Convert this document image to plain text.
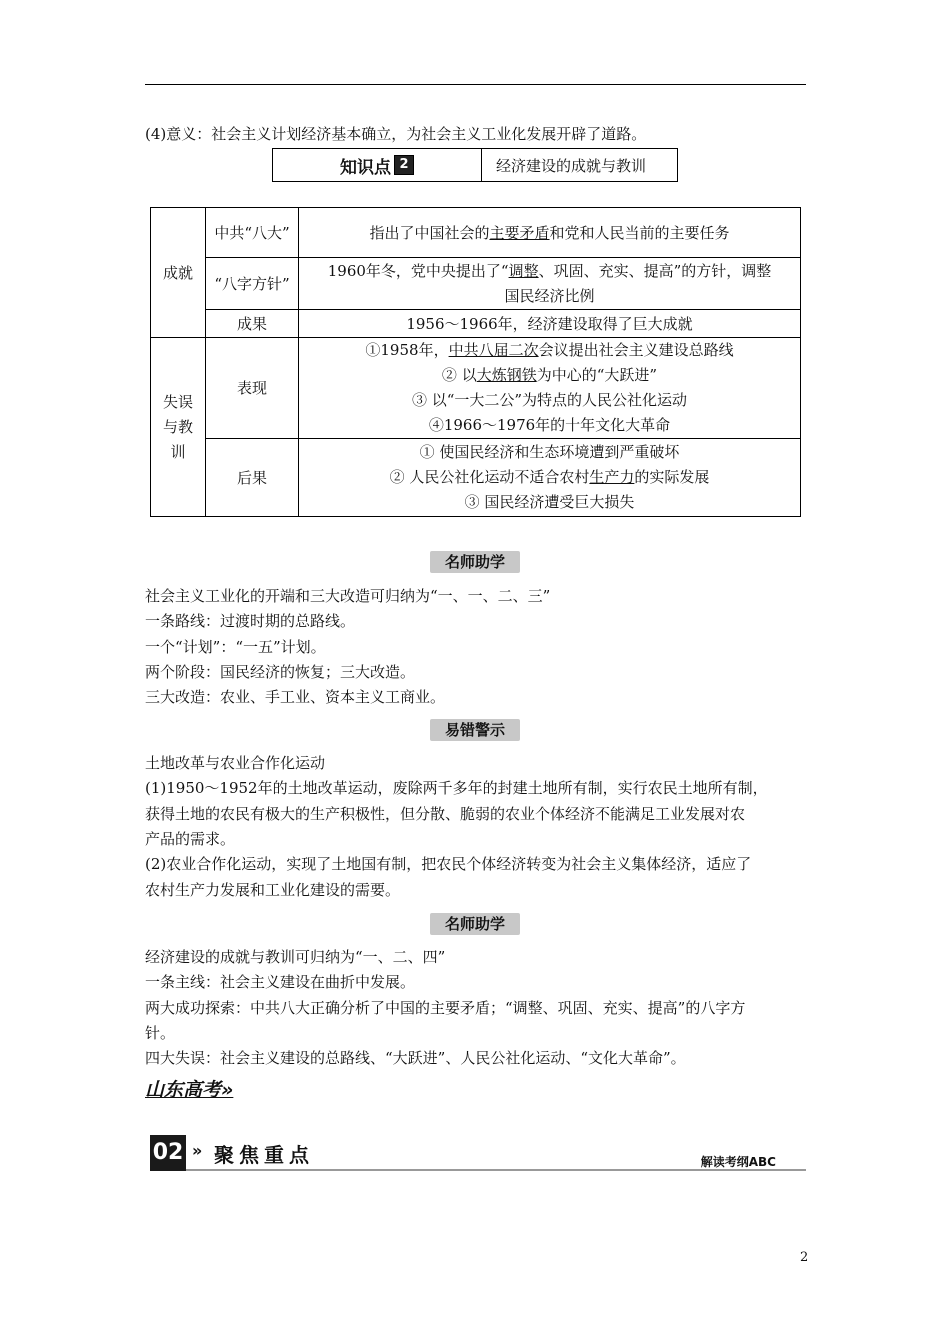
(4)意义：社会主义计划经济基本确立，为社会主义工业化发展开辟了道路。
知识点 2	经济建设的成就与教训
成就	中共“八大”	指出了中国社会的主要矛盾和党和人民当前的主要任务
	“八字方针”	1960年冬，党中央提出了“调整、巩固、充实、提高”的方针，调整
国民经济比例

	成果	1956～1966年，经济建设取得了巨大成就

失误与教训	表现	①1958年，中共八届二次会议提出社会主义建设总路线
② 以大炼钢铁为中心的“大跃进”
③ 以“一大二公”为特点的人民公社化运动
④1966～1976年的十年文化大革命

	后果	① 使国民经济和生态环境遭到严重破坏
② 人民公社化运动不适合农村生产力的实际发展
③ 国民经济遭受巨大损失
名师助学
社会主义工业化的开端和三大改造可归纳为“一、一、二、三”
一条路线：过渡时期的总路线。
一个“计划”：“一五”计划。
两个阶段：国民经济的恢复；三大改造。
三大改造：农业、手工业、资本主义工商业。
易错警示
土地改革与农业合作化运动
(1)1950～1952年的土地改革运动，废除两千多年的封建土地所有制，实行农民土地所有制，
获得土地的农民有极大的生产积极性，但分散、脆弱的农业个体经济不能满足工业发展对农
产品的需求。
(2)农业合作化运动，实现了土地国有制，把农民个体经济转变为社会主义集体经济，适应了
农村生产力发展和工业化建设的需要。
名师助学
经济建设的成就与教训可归纳为“一、二、四”
一条主线：社会主义建设在曲折中发展。
两大成功探索：中共八大正确分析了中国的主要矛盾；“调整、巩固、充实、提高”的八字方
针。
四大失误：社会主义建设的总路线、“大跃进”、人民公社化运动、“文化大革命”。
山东高考»
02 » 聚焦重点	解读考纲ABC
2
